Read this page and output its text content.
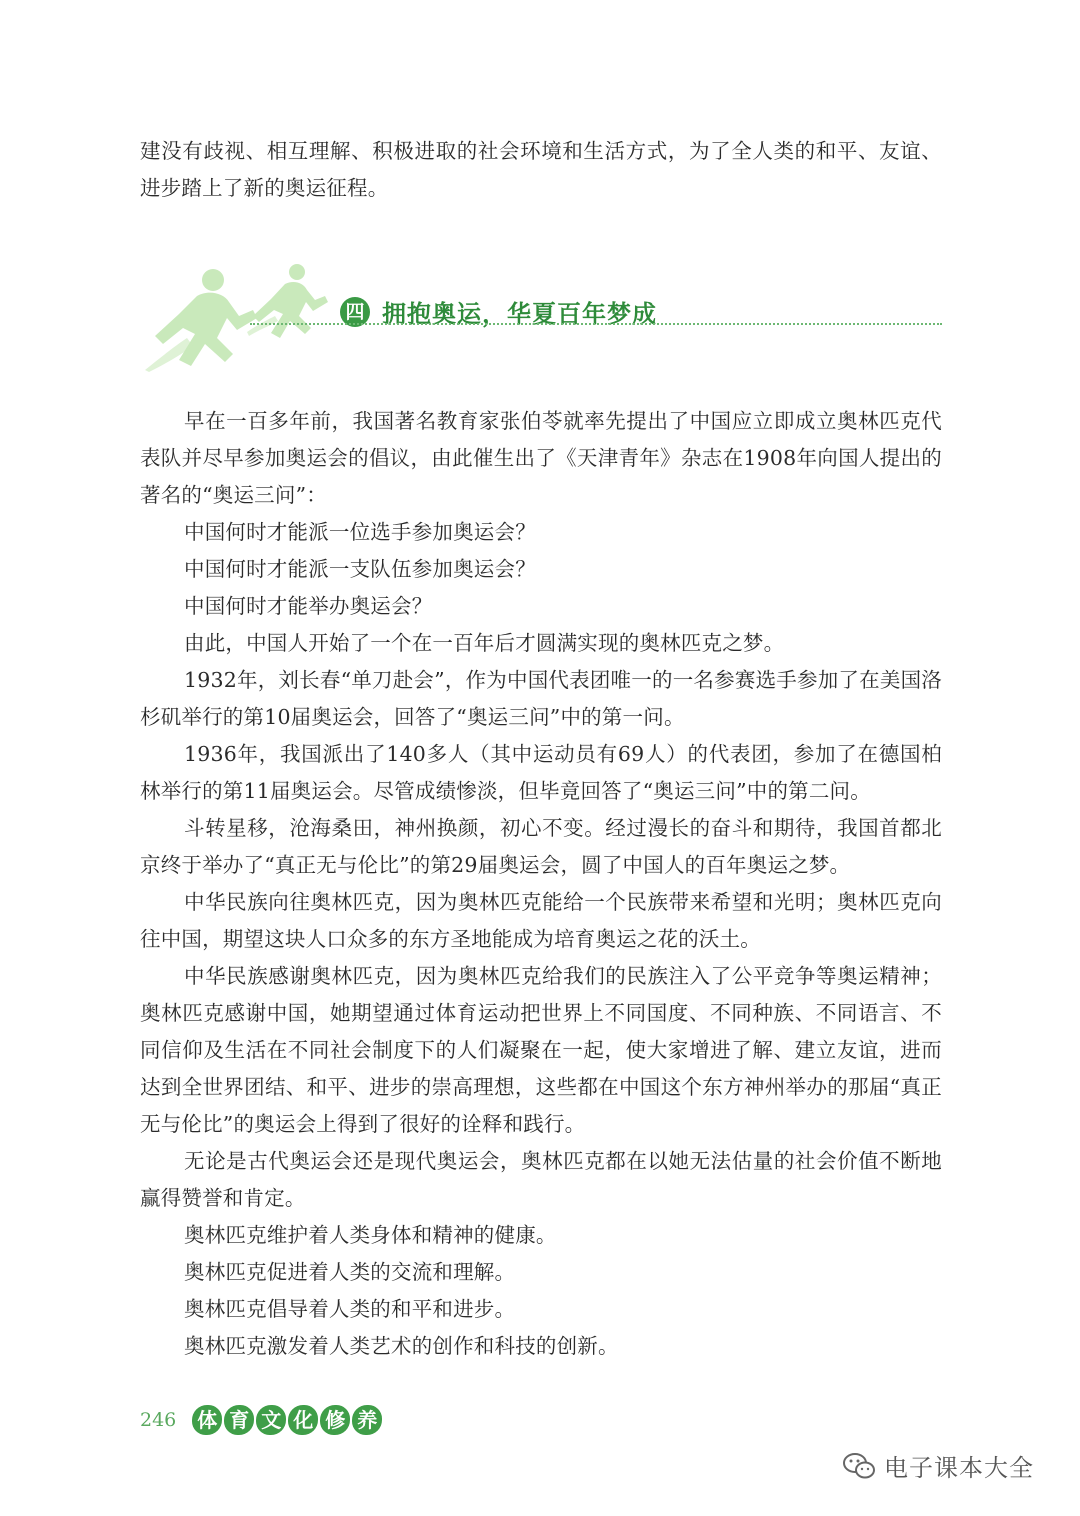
建没有歧视、相互理解、积极进取的社会环境和生活方式，为了全人类的和平、友谊、进步踏上了新的奥运征程。

四 拥抱奥运，华夏百年梦成

早在一百多年前，我国著名教育家张伯苓就率先提出了中国应立即成立奥林匹克代表队并尽早参加奥运会的倡议，由此催生出了《天津青年》杂志在1908年向国人提出的著名的“奥运三问”：

中国何时才能派一位选手参加奥运会？

中国何时才能派一支队伍参加奥运会？

中国何时才能举办奥运会？

由此，中国人开始了一个在一百年后才圆满实现的奥林匹克之梦。

1932年，刘长春“单刀赴会”，作为中国代表团唯一的一名参赛选手参加了在美国洛杉矶举行的第10届奥运会，回答了“奥运三问”中的第一问。

1936年，我国派出了140多人（其中运动员有69人）的代表团，参加了在德国柏林举行的第11届奥运会。尽管成绩惨淡，但毕竟回答了“奥运三问”中的第二问。

斗转星移，沧海桑田，神州换颜，初心不变。经过漫长的奋斗和期待，我国首都北京终于举办了“真正无与伦比”的第29届奥运会，圆了中国人的百年奥运之梦。

中华民族向往奥林匹克，因为奥林匹克能给一个民族带来希望和光明；奥林匹克向往中国，期望这块人口众多的东方圣地能成为培育奥运之花的沃土。

中华民族感谢奥林匹克，因为奥林匹克给我们的民族注入了公平竞争等奥运精神；奥林匹克感谢中国，她期望通过体育运动把世界上不同国度、不同种族、不同语言、不同信仰及生活在不同社会制度下的人们凝聚在一起，使大家增进了解、建立友谊，进而达到全世界团结、和平、进步的崇高理想，这些都在中国这个东方神州举办的那届“真正无与伦比”的奥运会上得到了很好的诠释和践行。

无论是古代奥运会还是现代奥运会，奥林匹克都在以她无法估量的社会价值不断地赢得赞誉和肯定。

奥林匹克维护着人类身体和精神的健康。

奥林匹克促进着人类的交流和理解。

奥林匹克倡导着人类的和平和进步。

奥林匹克激发着人类艺术的创作和科技的创新。

246 体 育 文 化 修 养
电子课本大全
